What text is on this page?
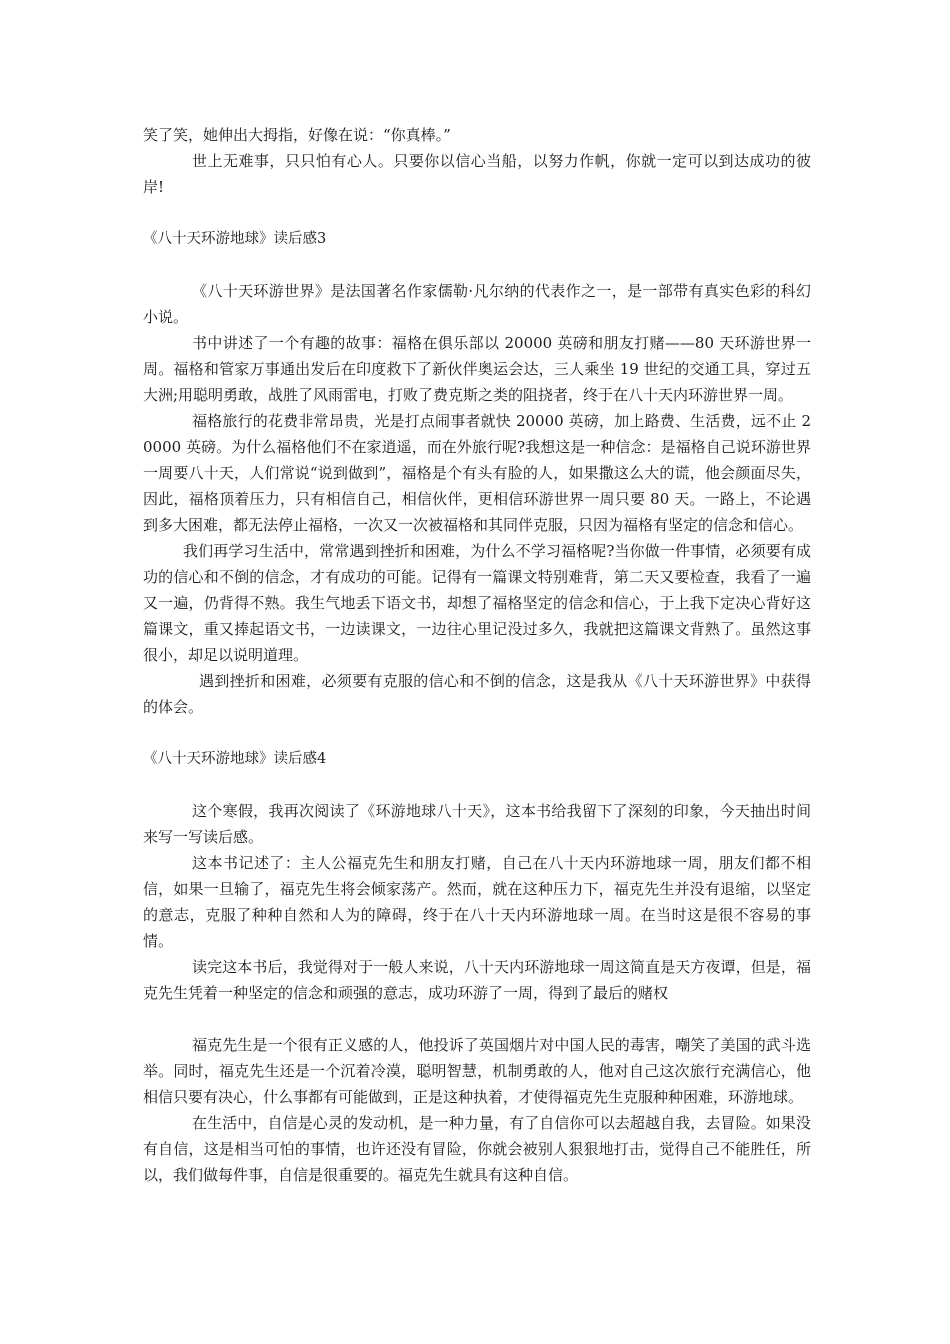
笑了笑，她伸出大拇指，好像在说：“你真棒。”

世上无难事，只只怕有心人。只要你以信心当船，以努力作帆，你就一定可以到达成功的彼岸!

《八十天环游地球》读后感3

《八十天环游世界》是法国著名作家儒勒·凡尔纳的代表作之一，是一部带有真实色彩的科幻小说。

书中讲述了一个有趣的故事：福格在俱乐部以 20000 英磅和朋友打赌——80 天环游世界一周。福格和管家万事通出发后在印度救下了新伙伴奥运会达，三人乘坐 19 世纪的交通工具，穿过五大洲;用聪明勇敢，战胜了风雨雷电，打败了费克斯之类的阻挠者，终于在八十天内环游世界一周。

福格旅行的花费非常昂贵，光是打点闹事者就快 20000 英磅，加上路费、生活费，远不止 20000 英磅。为什么福格他们不在家逍遥，而在外旅行呢?我想这是一种信念：是福格自己说环游世界一周要八十天，人们常说“说到做到”，福格是个有头有脸的人，如果撒这么大的谎，他会颜面尽失，因此，福格顶着压力，只有相信自己，相信伙伴，更相信环游世界一周只要 80 天。一路上，不论遇到多大困难，都无法停止福格，一次又一次被福格和其同伴克服，只因为福格有坚定的信念和信心。

我们再学习生活中，常常遇到挫折和困难，为什么不学习福格呢?当你做一件事情，必须要有成功的信心和不倒的信念，才有成功的可能。记得有一篇课文特别难背，第二天又要检查，我看了一遍又一遍，仍背得不熟。我生气地丢下语文书，却想了福格坚定的信念和信心，于上我下定决心背好这篇课文，重又捧起语文书，一边读课文，一边往心里记没过多久，我就把这篇课文背熟了。虽然这事很小，却足以说明道理。

遇到挫折和困难，必须要有克服的信心和不倒的信念，这是我从《八十天环游世界》中获得的体会。

《八十天环游地球》读后感4

这个寒假，我再次阅读了《环游地球八十天》，这本书给我留下了深刻的印象，今天抽出时间来写一写读后感。

这本书记述了：主人公福克先生和朋友打赌，自己在八十天内环游地球一周，朋友们都不相信，如果一旦输了，福克先生将会倾家荡产。然而，就在这种压力下，福克先生并没有退缩，以坚定的意志，克服了种种自然和人为的障碍，终于在八十天内环游地球一周。在当时这是很不容易的事情。

读完这本书后，我觉得对于一般人来说，八十天内环游地球一周这简直是天方夜谭，但是，福克先生凭着一种坚定的信念和顽强的意志，成功环游了一周，得到了最后的赌权

福克先生是一个很有正义感的人，他投诉了英国烟片对中国人民的毒害，嘲笑了美国的武斗选举。同时，福克先生还是一个沉着冷漠，聪明智慧，机制勇敢的人，他对自己这次旅行充满信心，他相信只要有决心，什么事都有可能做到，正是这种执着，才使得福克先生克服种种困难，环游地球。

在生活中，自信是心灵的发动机，是一种力量，有了自信你可以去超越自我，去冒险。如果没有自信，这是相当可怕的事情，也许还没有冒险，你就会被别人狠狠地打击，觉得自己不能胜任，所以，我们做每件事，自信是很重要的。福克先生就具有这种自信。
